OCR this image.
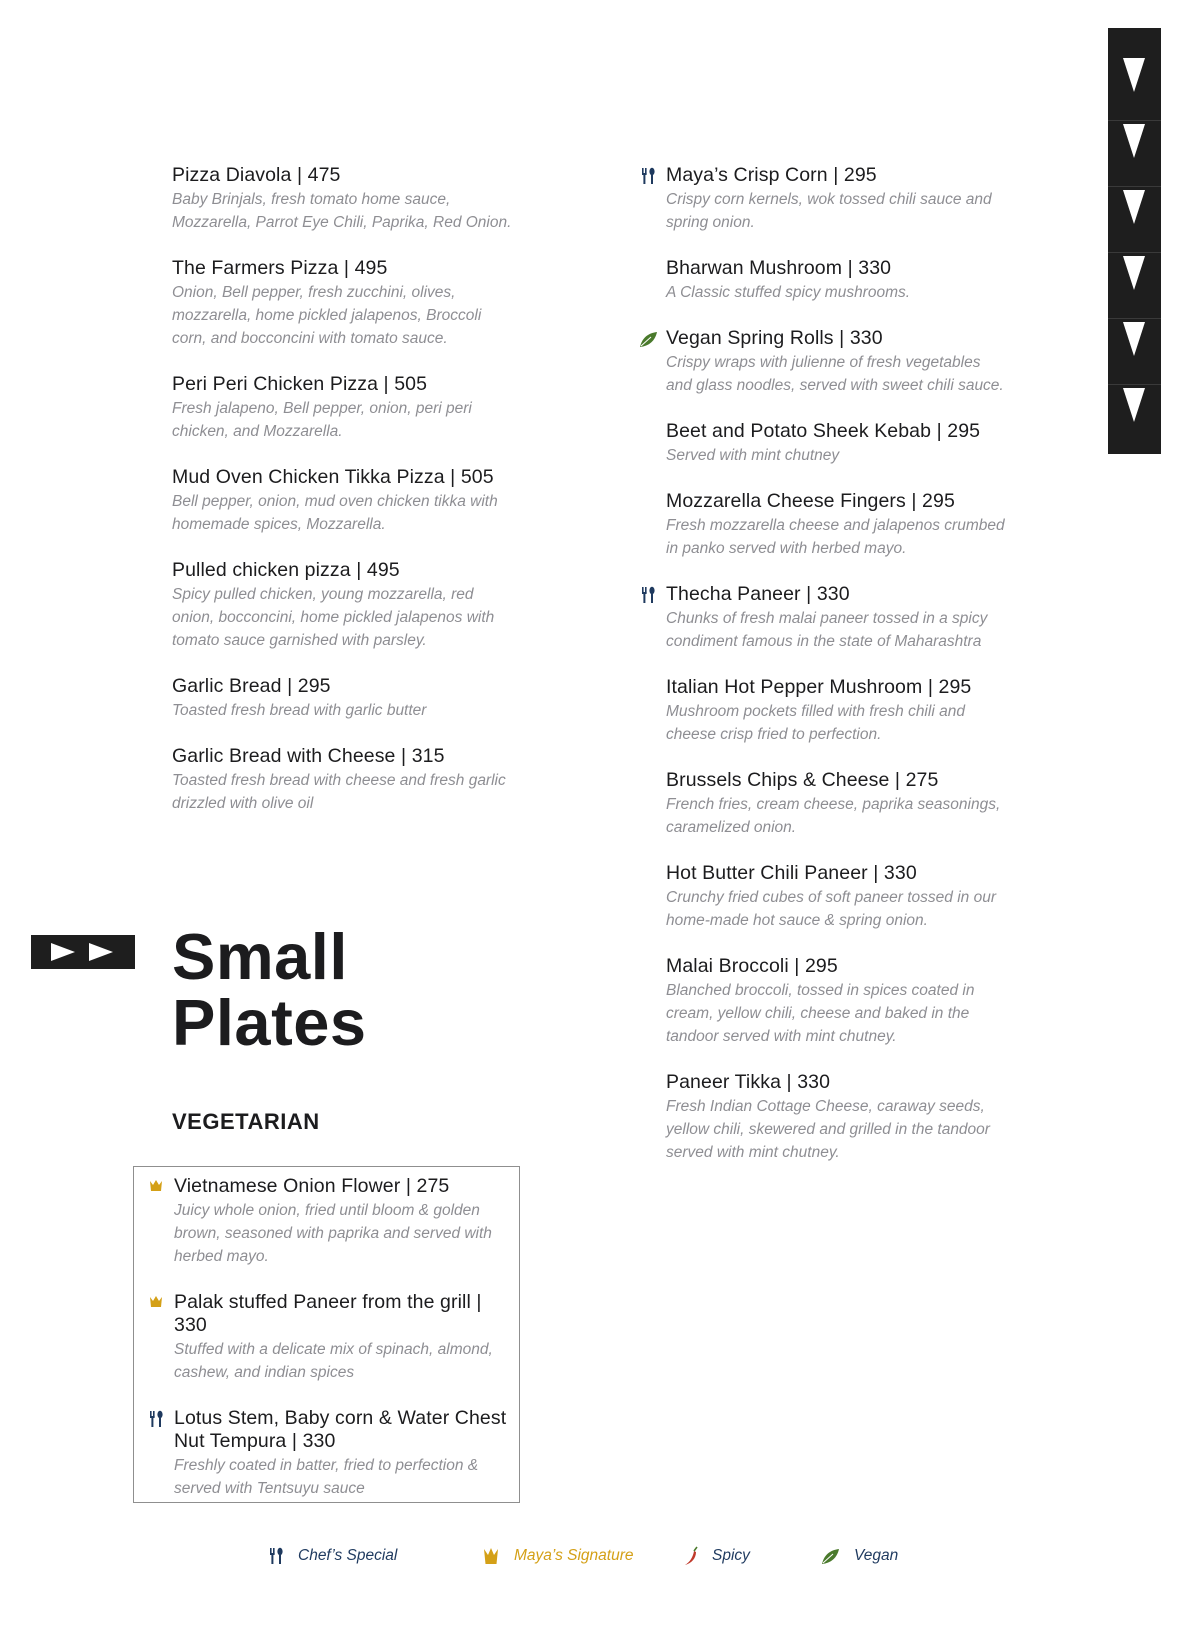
Pizza Diavola | 475
Baby Brinjals, fresh tomato home sauce, Mozzarella, Parrot Eye Chili, Paprika, Red Onion.
The Farmers Pizza | 495
Onion, Bell pepper, fresh zucchini, olives, mozzarella, home pickled jalapenos, Broccoli corn, and bocconcini with tomato sauce.
Peri Peri Chicken Pizza | 505
Fresh jalapeno, Bell pepper, onion, peri peri chicken, and Mozzarella.
Mud Oven Chicken Tikka Pizza | 505
Bell pepper, onion, mud oven chicken tikka with homemade spices, Mozzarella.
Pulled chicken pizza | 495
Spicy pulled chicken, young mozzarella, red onion, bocconcini, home pickled jalapenos with tomato sauce garnished with parsley.
Garlic Bread | 295
Toasted fresh bread with garlic butter
Garlic Bread with Cheese | 315
Toasted fresh bread with cheese and fresh garlic drizzled with olive oil
Small
Plates
VEGETARIAN
Vietnamese Onion Flower | 275
Juicy whole onion, fried until bloom & golden brown, seasoned with paprika and served with herbed mayo.
Palak stuffed Paneer from the grill | 330
Stuffed with a delicate mix of spinach, almond, cashew, and indian spices
Lotus Stem, Baby corn & Water Chest Nut Tempura | 330
Freshly coated in batter, fried to perfection & served with Tentsuyu sauce
Maya’s Crisp Corn | 295
Crispy corn kernels, wok tossed chili sauce and spring onion.
Bharwan Mushroom | 330
A Classic stuffed spicy mushrooms.
Vegan Spring Rolls | 330
Crispy wraps with julienne of fresh vegetables and glass noodles, served with sweet chili sauce.
Beet and Potato Sheek Kebab | 295
Served with mint chutney
Mozzarella Cheese Fingers | 295
Fresh mozzarella cheese and jalapenos crumbed in panko served with herbed mayo.
Thecha Paneer | 330
Chunks of fresh malai paneer tossed in a spicy condiment famous in the state of Maharashtra
Italian Hot Pepper Mushroom | 295
Mushroom pockets filled with fresh chili and cheese crisp fried to perfection.
Brussels Chips & Cheese | 275
French fries, cream cheese, paprika seasonings, caramelized onion.
Hot Butter Chili Paneer | 330
Crunchy fried cubes of soft paneer tossed in our home-made hot sauce & spring onion.
Malai Broccoli | 295
Blanched broccoli, tossed in spices coated in cream, yellow chili, cheese and baked in the tandoor served with mint chutney.
Paneer Tikka | 330
Fresh Indian Cottage Cheese, caraway seeds, yellow chili, skewered and grilled in the tandoor served with mint chutney.
Chef’s Special	Maya’s Signature	Spicy	Vegan
